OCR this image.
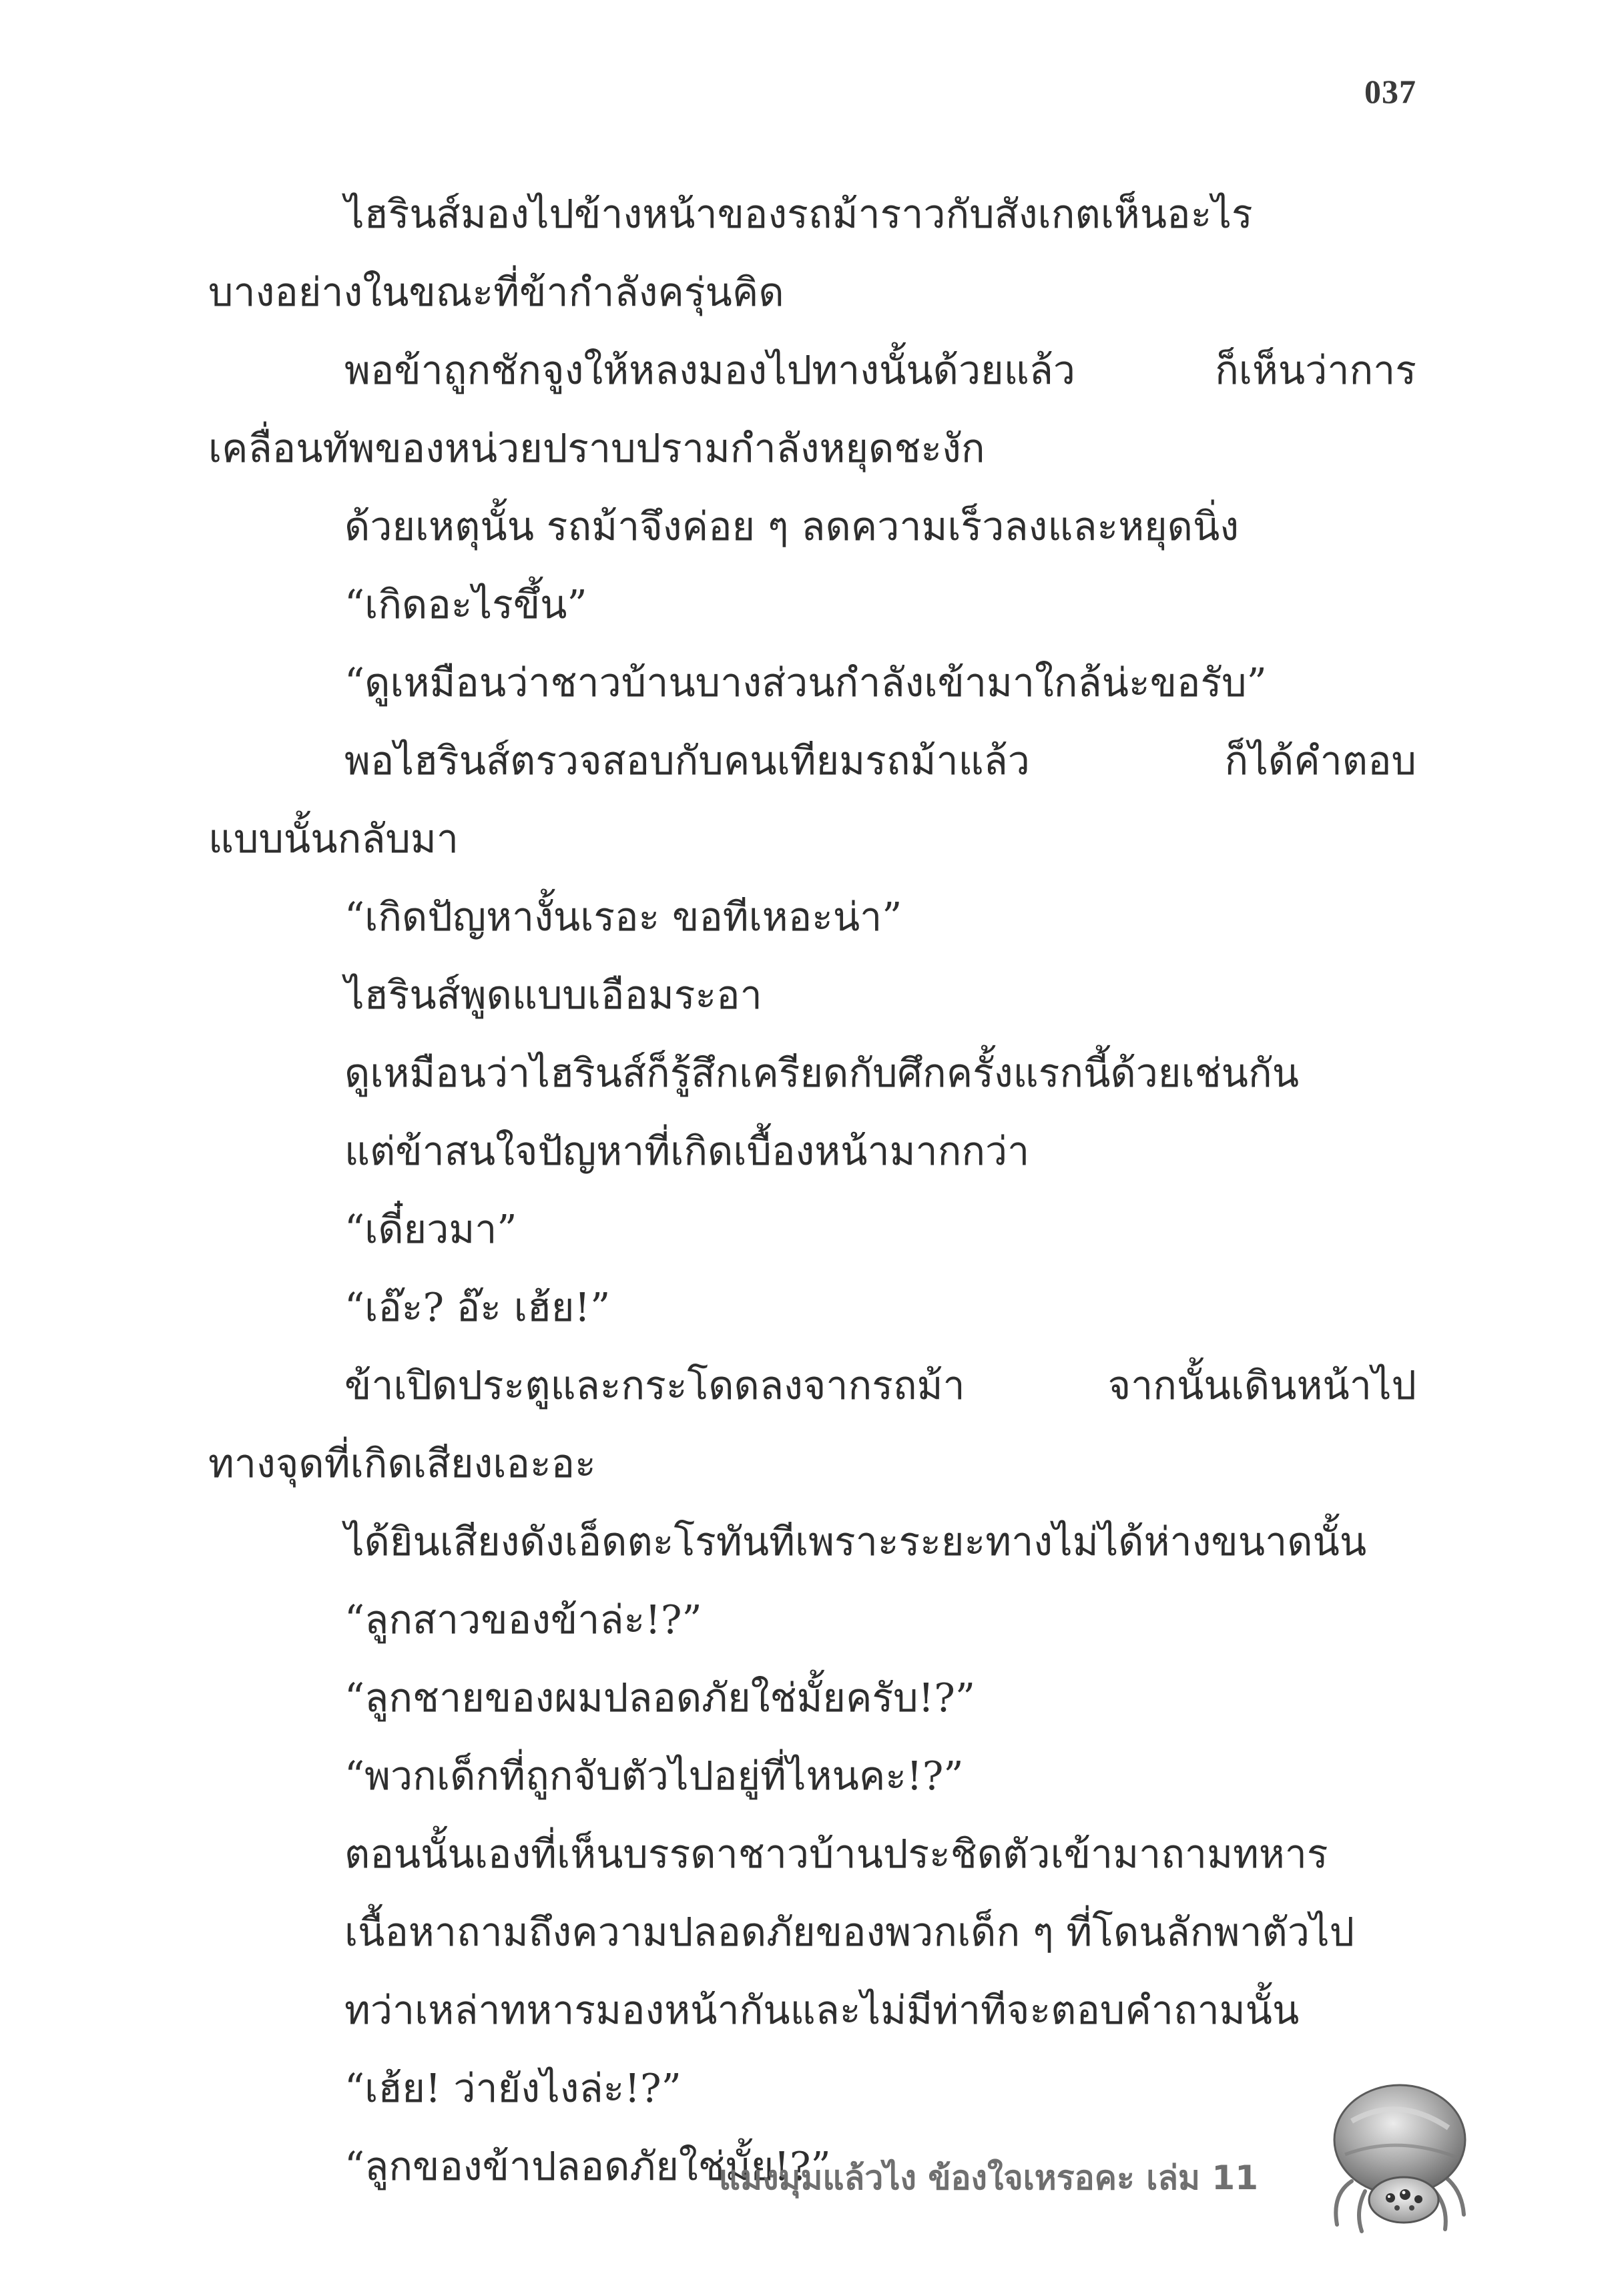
037
ไฮรินส์มองไปข้างหน้าของรถม้าราวกับสังเกตเห็นอะไร
บางอย่างในขณะที่ข้ากำลังครุ่นคิด
พอข้าถูกชักจูงให้หลงมองไปทางนั้นด้วยแล้ว ก็เห็นว่าการ
เคลื่อนทัพของหน่วยปราบปรามกำลังหยุดชะงัก
ด้วยเหตุนั้น รถม้าจึงค่อย ๆ ลดความเร็วลงและหยุดนิ่ง
“เกิดอะไรขึ้น”
“ดูเหมือนว่าชาวบ้านบางส่วนกำลังเข้ามาใกล้น่ะขอรับ”
พอไฮรินส์ตรวจสอบกับคนเทียมรถม้าแล้ว ก็ได้คำตอบ
แบบนั้นกลับมา
“เกิดปัญหางั้นเรอะ ขอทีเหอะน่า”
ไฮรินส์พูดแบบเอือมระอา
ดูเหมือนว่าไฮรินส์ก็รู้สึกเครียดกับศึกครั้งแรกนี้ด้วยเช่นกัน
แต่ข้าสนใจปัญหาที่เกิดเบื้องหน้ามากกว่า
“เดี๋ยวมา”
“เอ๊ะ? อ๊ะ เฮ้ย!”
ข้าเปิดประตูและกระโดดลงจากรถม้า จากนั้นเดินหน้าไป
ทางจุดที่เกิดเสียงเอะอะ
ได้ยินเสียงดังเอ็ดตะโรทันทีเพราะระยะทางไม่ได้ห่างขนาดนั้น
“ลูกสาวของข้าล่ะ!?”
“ลูกชายของผมปลอดภัยใช่มั้ยครับ!?”
“พวกเด็กที่ถูกจับตัวไปอยู่ที่ไหนคะ!?”
ตอนนั้นเองที่เห็นบรรดาชาวบ้านประชิดตัวเข้ามาถามทหาร
เนื้อหาถามถึงความปลอดภัยของพวกเด็ก ๆ ที่โดนลักพาตัวไป
ทว่าเหล่าทหารมองหน้ากันและไม่มีท่าทีจะตอบคำถามนั้น
“เฮ้ย! ว่ายังไงล่ะ!?”
“ลูกของข้าปลอดภัยใช่มั้ย!?”
แมงมุมแล้วไง ข้องใจเหรอคะ เล่ม 11
